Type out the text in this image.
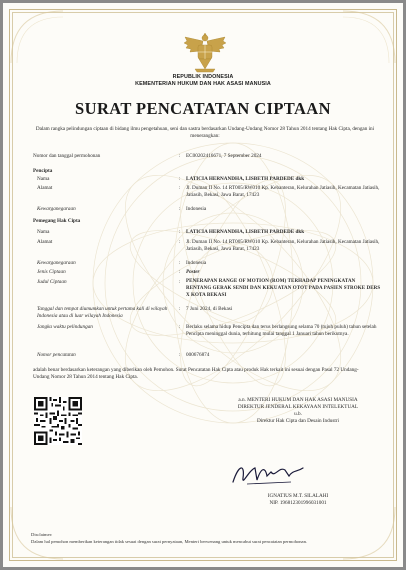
REPUBLIK INDONESIA
KEMENTERIAN HUKUM DAN HAK ASASI MANUSIA
SURAT PENCATATAN CIPTAAN
Dalam rangka pelindungan ciptaan di bidang ilmu pengetahuan, seni dan sastra berdasarkan Undang-Undang Nomor 28 Tahun 2014 tentang Hak Cipta, dengan ini menerangkan:
Nomor dan tanggal permohonan	:	EC00202416671, 7 September 2024
Pencipta
Nama	:	LATICIA HERNANDHA, LISBETH PARDEDE dkk
Alamat	:	Jl. Duman II No. 14 RT005/RW010 Kp. Kebanteran, Kelurahan Jatiasih, Kecamatan Jatiasih, Jatiasih, Bekasi, Jawa Barat, 17423
Kewarganegaraan	:	Indonesia
Pemegang Hak Cipta
Nama	:	LATICIA HERNANDHA, LISBETH PARDEDE dkk
Alamat	:	Jl. Duman II No. 14 RT005/RW010 Kp. Kebanteran, Kelurahan Jatiasih, Kecamatan Jatiasih, Jatiasih, Bekasi, Jawa Barat, 17423
Kewarganegaraan	:	Indonesia
Jenis Ciptaan	:	Poster
Judul Ciptaan	:	PENERAPAN RANGE OF MOTION (ROM) TERHADAP PENINGKATAN RENTANG GERAK SENDI DAN KEKUATAN OTOT PADA PASIEN STROKE DERS X KOTA BEKASI
Tanggal dan tempat diumumkan untuk pertama kali di wilayah Indonesia atau di luar wilayah Indonesia
:	7 Juni 2024, di Bekasi
Jangka waktu pelindungan	:	Berlaku selama hidup Pencipta dan terus berlangsung selama 70 (tujuh puluh) tahun setelah Pencipta meninggal dunia, terhitung mulai tanggal 1 Januari tahun berikutnya.
Nomor pencatatan	:	000676874
adalah benar berdasarkan keterangan yang diberikan oleh Pemohon. Surat Pencatatan Hak Cipta atau produk Hak terkait ini sesuai dengan Pasal 72 Undang-Undang Nomor 28 Tahun 2014 tentang Hak Cipta.
a.n. MENTERI HUKUM DAN HAK ASASI MANUSIA
DIREKTUR JENDERAL KEKAYAAN INTELEKTUAL
u.b.
Direktur Hak Cipta dan Desain Industri
IGNATIUS M.T. SILALAHI
NIP. 196812301996031001
Disclaimer:
Dalam hal pemohon memberikan keterangan tidak sesuai dengan surat pernyataan, Menteri berwenang untuk mencabut surat pencatatan permohonan.
